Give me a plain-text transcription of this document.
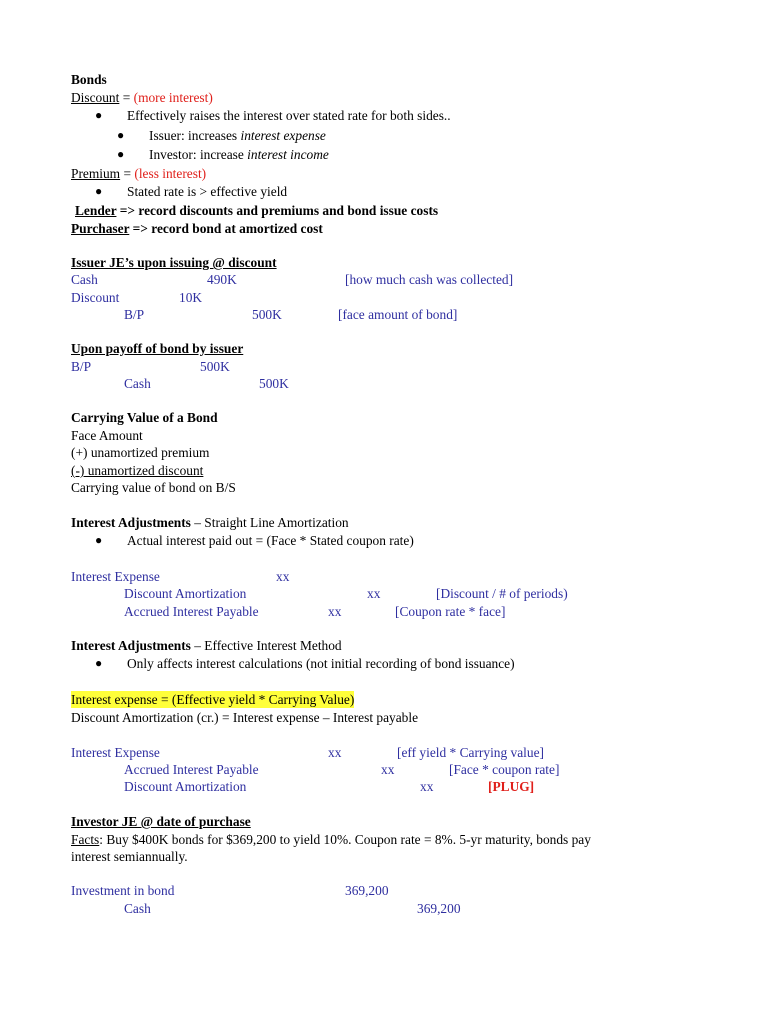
Bonds
Discount = (more interest)
● Effectively raises the interest over stated rate for both sides..
● Issuer: increases interest expense
● Investor: increase interest income
Premium = (less interest)
● Stated rate is > effective yield
Lender => record discounts and premiums and bond issue costs
Purchaser => record bond at amortized cost
Issuer JE’s upon issuing @ discount
Cash	490K	[how much cash was collected]
Discount	10K
B/P	500K	[face amount of bond]
Upon payoff of bond by issuer
B/P	500K
Cash	500K
Carrying Value of a Bond
Face Amount
(+) unamortized premium
(-) unamortized discount
Carrying value of bond on B/S
Interest Adjustments – Straight Line Amortization
● Actual interest paid out = (Face * Stated coupon rate)
Interest Expense	xx
Discount Amortization	xx	[Discount / # of periods)
Accrued Interest Payable	xx	[Coupon rate * face]
Interest Adjustments – Effective Interest Method
● Only affects interest calculations (not initial recording of bond issuance)
Interest expense = (Effective yield * Carrying Value)
Discount Amortization (cr.) = Interest expense – Interest payable
Interest Expense	xx	[eff yield * Carrying value]
Accrued Interest Payable	xx	[Face * coupon rate]
Discount Amortization	xx	[PLUG]
Investor JE @ date of purchase
Facts: Buy $400K bonds for $369,200 to yield 10%. Coupon rate = 8%. 5-yr maturity, bonds pay
interest semiannually.
Investment in bond	369,200
Cash	369,200
